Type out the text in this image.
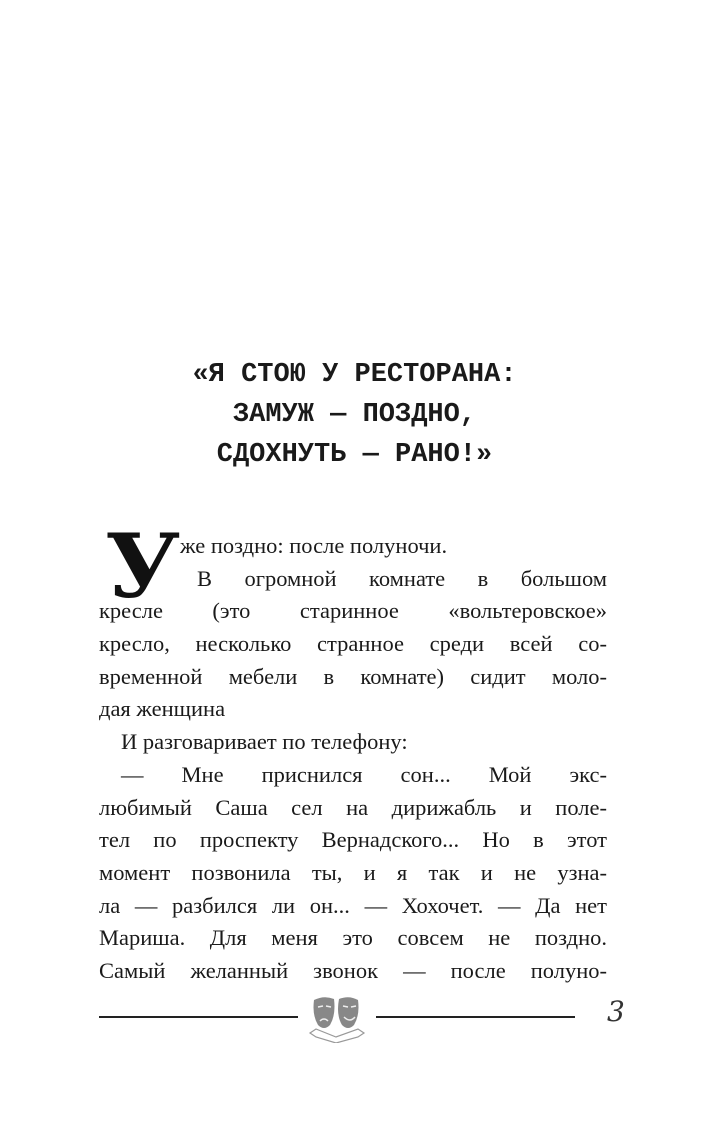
«Я СТОЮ У РЕСТОРАНА:
ЗАМУЖ — ПОЗДНО,
СДОХНУТЬ — РАНО!»
У же поздно: после полуночи.
В огромной комнате в большом
кресле (это старинное «вольтеровское»
кресло, несколько странное среди всей со-
временной мебели в комнате) сидит моло-
дая женщина
И разговаривает по телефону:
— Мне приснился сон... Мой экс-
любимый Саша сел на дирижабль и поле-
тел по проспекту Вернадского... Но в этот
момент позвонила ты, и я так и не узна-
ла — разбился ли он... — Хохочет. — Да нет
Мариша. Для меня это совсем не поздно.
Самый желанный звонок — после полуно-
3
